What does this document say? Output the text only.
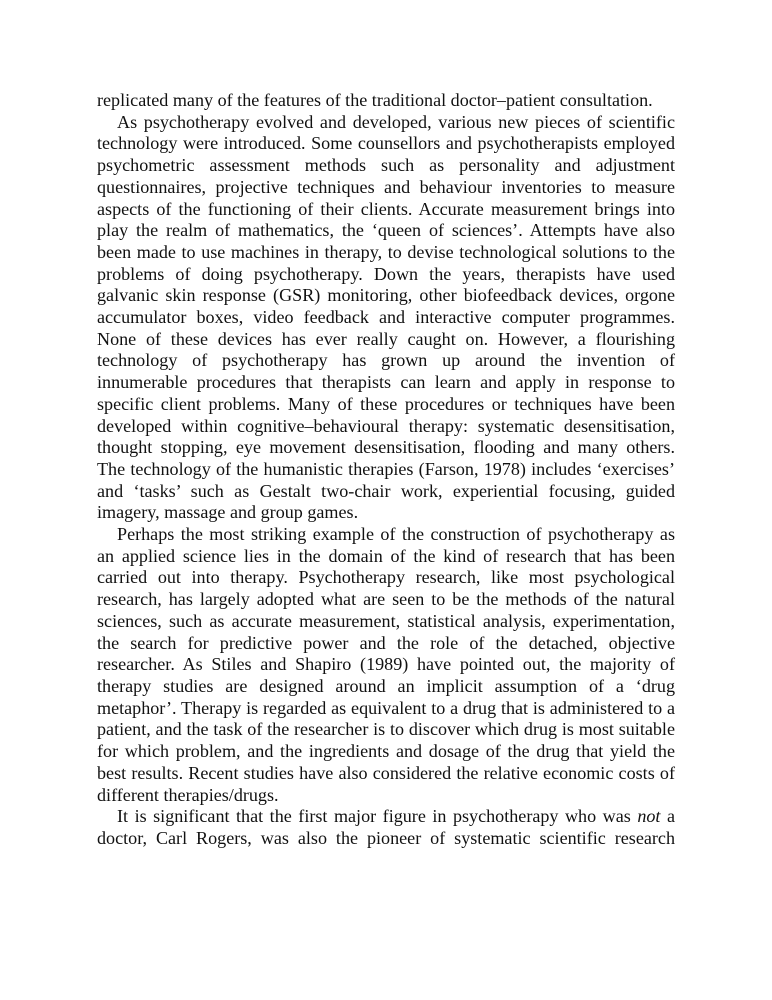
replicated many of the features of the traditional doctor–patient consultation.

As psychotherapy evolved and developed, various new pieces of scientific technology were introduced. Some counsellors and psychotherapists employed psychometric assessment methods such as personality and adjustment questionnaires, projective techniques and behaviour inventories to measure aspects of the functioning of their clients. Accurate measurement brings into play the realm of mathematics, the ‘queen of sciences’. Attempts have also been made to use machines in therapy, to devise technological solutions to the problems of doing psychotherapy. Down the years, therapists have used galvanic skin response (GSR) monitoring, other biofeedback devices, orgone accumulator boxes, video feedback and interactive computer programmes. None of these devices has ever really caught on. However, a flourishing technology of psychotherapy has grown up around the invention of innumerable procedures that therapists can learn and apply in response to specific client problems. Many of these procedures or techniques have been developed within cognitive–behavioural therapy: systematic desensitisation, thought stopping, eye movement desensitisation, flooding and many others. The technology of the humanistic therapies (Farson, 1978) includes ‘exercises’ and ‘tasks’ such as Gestalt two-chair work, experiential focusing, guided imagery, massage and group games.

Perhaps the most striking example of the construction of psychotherapy as an applied science lies in the domain of the kind of research that has been carried out into therapy. Psychotherapy research, like most psychological research, has largely adopted what are seen to be the methods of the natural sciences, such as accurate measurement, statistical analysis, experimentation, the search for predictive power and the role of the detached, objective researcher. As Stiles and Shapiro (1989) have pointed out, the majority of therapy studies are designed around an implicit assumption of a ‘drug metaphor’. Therapy is regarded as equivalent to a drug that is administered to a patient, and the task of the researcher is to discover which drug is most suitable for which problem, and the ingredients and dosage of the drug that yield the best results. Recent studies have also considered the relative economic costs of different therapies/drugs.

It is significant that the first major figure in psychotherapy who was not a doctor, Carl Rogers, was also the pioneer of systematic scientific research
